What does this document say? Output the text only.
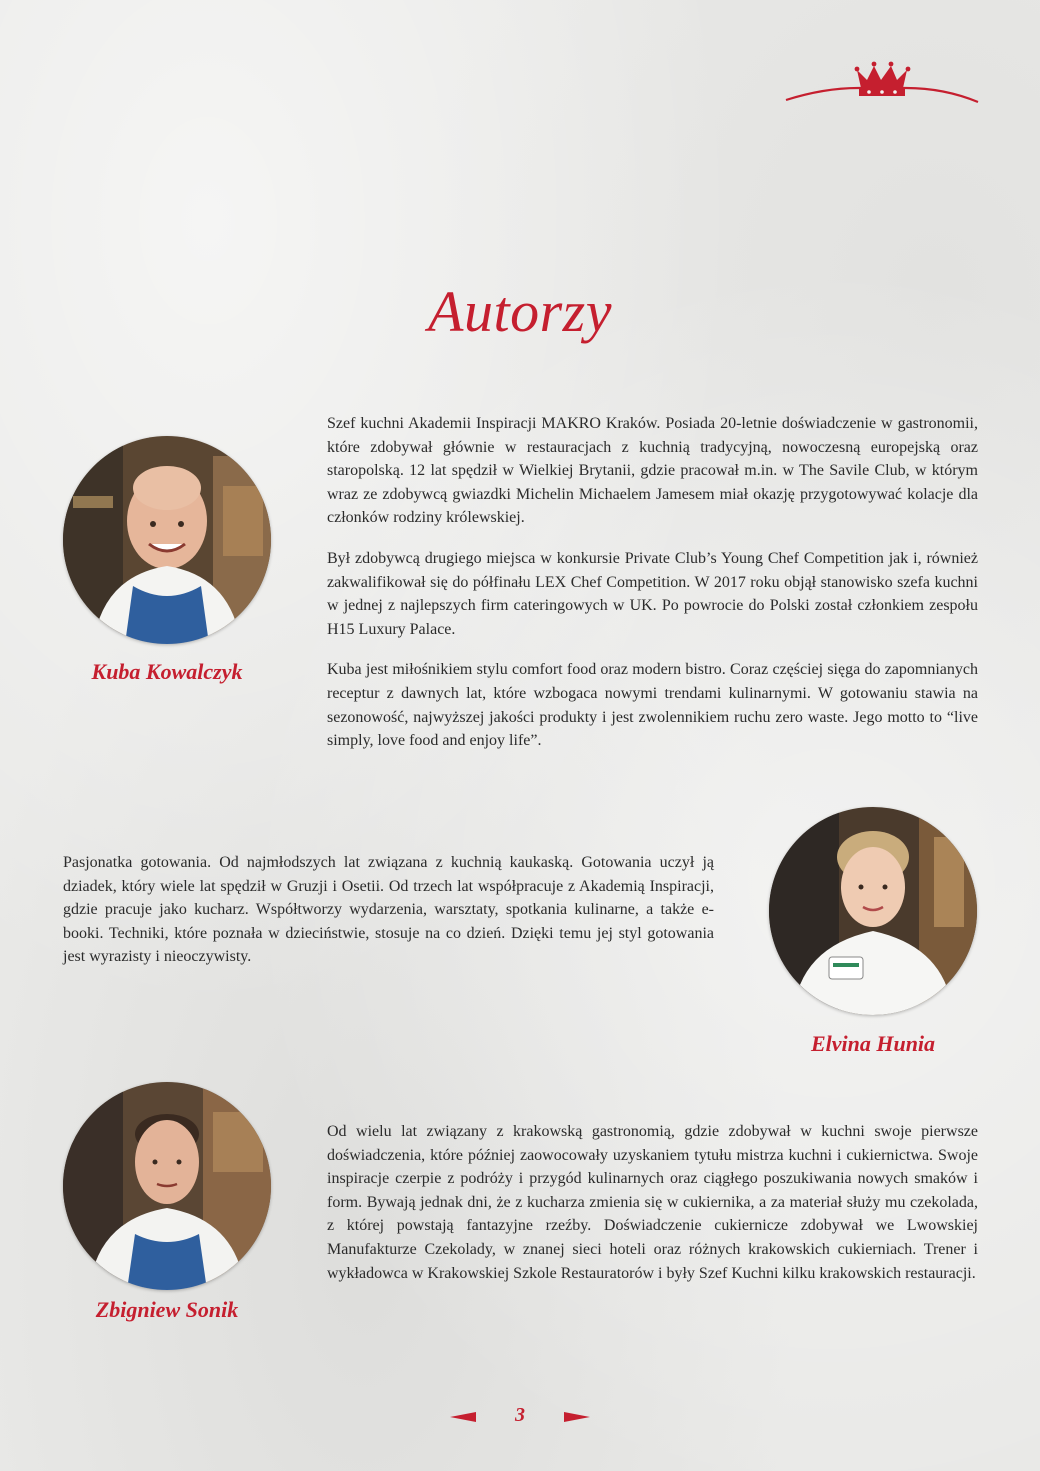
Autorzy
Kuba Kowalczyk

Szef kuchni Akademii Inspiracji MAKRO Kraków. Posiada 20-letnie doświadczenie w gastronomii, które zdobywał głównie w restauracjach z kuchnią tradycyjną, nowoczesną europejską oraz staropolską. 12 lat spędził w Wielkiej Brytanii, gdzie pracował m.in. w The Savile Club, w którym wraz ze zdobywcą gwiazdki Michelin Michaelem Jamesem miał okazję przygotowywać kolacje dla członków rodziny królewskiej.

Był zdobywcą drugiego miejsca w konkursie Private Club’s Young Chef Competition jak i, również zakwalifikował się do półfinału LEX Chef Competition. W 2017 roku objął stanowisko szefa kuchni w jednej z najlepszych firm cateringowych w UK. Po powrocie do Polski został członkiem zespołu H15 Luxury Palace.

Kuba jest miłośnikiem stylu comfort food oraz modern bistro. Coraz częściej sięga do zapomnianych receptur z dawnych lat, które wzbogaca nowymi trendami kulinarnymi. W gotowaniu stawia na sezonowość, najwyższej jakości produkty i jest zwolennikiem ruchu zero waste. Jego motto to “live simply, love food and enjoy life”.

Pasjonatka gotowania. Od najmłodszych lat związana z kuchnią kaukaską. Gotowania uczył ją dziadek, który wiele lat spędził w Gruzji i Osetii. Od trzech lat współpracuje z Akademią Inspiracji, gdzie pracuje jako kucharz. Współtworzy wydarzenia, warsztaty, spotkania kulinarne, a także e-booki. Techniki, które poznała w dzieciństwie, stosuje na co dzień. Dzięki temu jej styl gotowania jest wyrazisty i nieoczywisty.

Elvina Hunia
Zbigniew Sonik

Od wielu lat związany z krakowską gastronomią, gdzie zdobywał w kuchni swoje pierwsze doświadczenia, które później zaowocowały uzyskaniem tytułu mistrza kuchni i cukiernictwa. Swoje inspiracje czerpie z podróży i przygód kulinarnych oraz ciągłego poszukiwania nowych smaków i form. Bywają jednak dni, że z kucharza zmienia się w cukiernika, a za materiał służy mu czekolada, z której powstają fantazyjne rzeźby. Doświadczenie cukiernicze zdobywał we Lwowskiej Manufakturze Czekolady, w znanej sieci hoteli oraz różnych krakowskich cukierniach. Trener i wykładowca w Krakowskiej Szkole Restauratorów i były Szef Kuchni kilku krakowskich restauracji.

3
